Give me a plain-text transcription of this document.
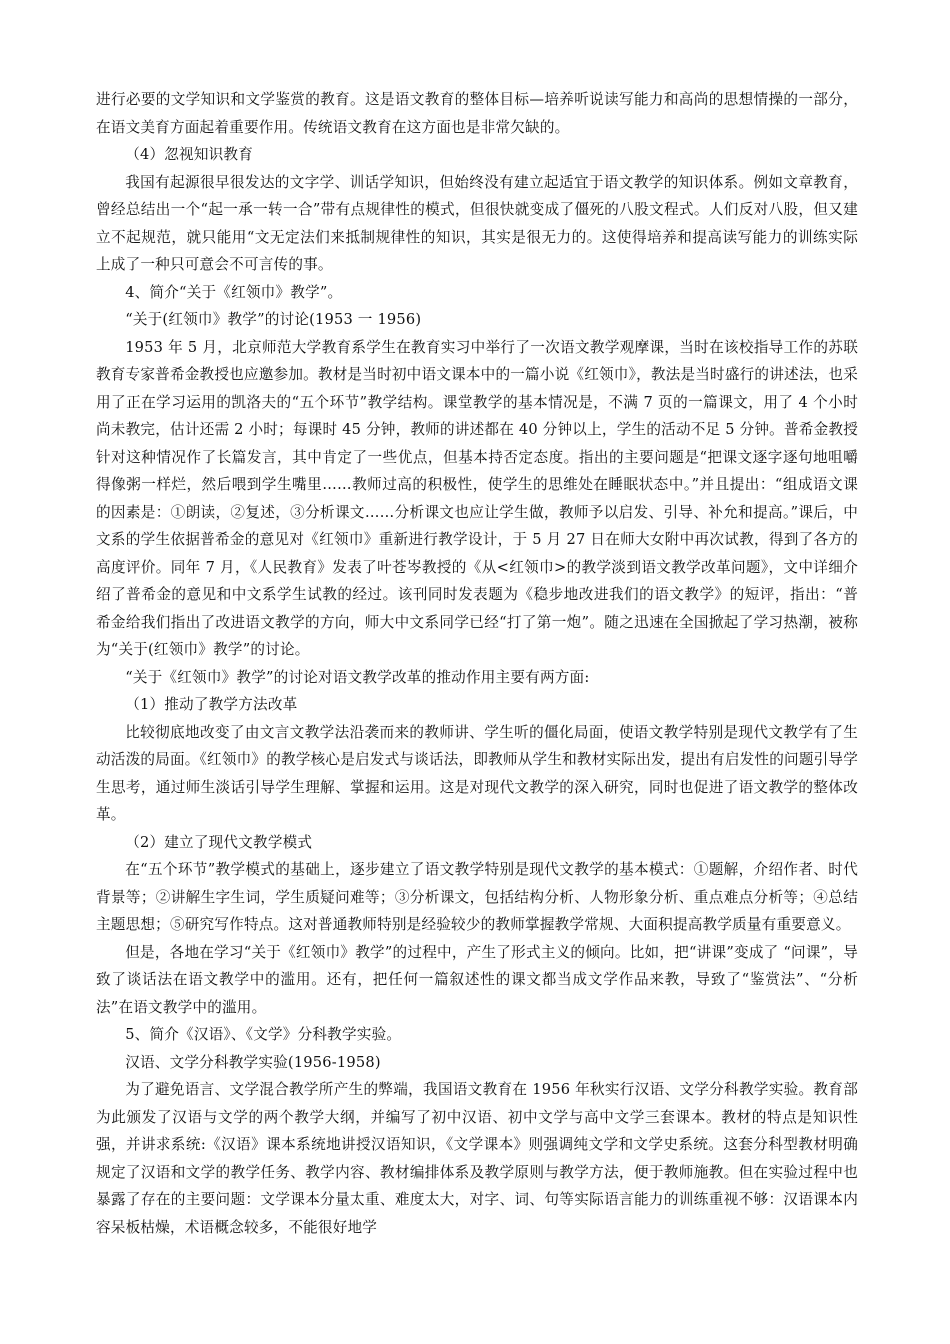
进行必要的文学知识和文学鉴赏的教育。这是语文教育的整体目标—培养听说读写能力和高尚的思想情操的一部分，在语文美育方面起着重要作用。传统语文教育在这方面也是非常欠缺的。

（4）忽视知识教育

我国有起源很早很发达的文字学、训话学知识，但始终没有建立起适宜于语文教学的知识体系。例如文章教育，曾经总结出一个“起一承一转一合”带有点规律性的模式，但很快就变成了僵死的八股文程式。人们反对八股，但又建立不起规范，就只能用“文无定法们来抵制规律性的知识，其实是很无力的。这使得培养和提高读写能力的训练实际上成了一种只可意会不可言传的事。

4、简介“关于《红领巾》教学”。

“关于(红领巾》教学”的讨论(1953 一 1956)

1953 年 5 月，北京师范大学教育系学生在教育实习中举行了一次语文教学观摩课，当时在该校指导工作的苏联教育专家普希金教授也应邀参加。教材是当时初中语文课本中的一篇小说《红领巾》，教法是当时盛行的讲述法，也采用了正在学习运用的凯洛夫的“五个环节”教学结构。课堂教学的基本情况是，不满 7 页的一篇课文，用了 4 个小时尚未教完，估计还需 2 小时；每课时 45 分钟，教师的讲述都在 40 分钟以上，学生的活动不足 5 分钟。普希金教授针对这种情况作了长篇发言，其中肯定了一些优点，但基本持否定态度。指出的主要问题是“把课文逐字逐句地咀嚼得像粥一样烂，然后喂到学生嘴里……教师过高的积极性，使学生的思维处在睡眠状态中。”并且提出：“组成语文课的因素是：①朗读，②复述，③分析课文……分析课文也应让学生做，教师予以启发、引导、补允和提高。”课后，中文系的学生依据普希金的意见对《红领巾》重新进行教学设计，于 5 月 27 日在师大女附中再次试教，得到了各方的高度评价。同年 7 月，《人民教育》发表了叶苍岑教授的《从<红领巾>的教学淡到语文教学改革问题》，文中详细介绍了普希金的意见和中文系学生试教的经过。该刊同时发表题为《稳步地改进我们的语文教学》的短评，指出：“普希金给我们指出了改进语文教学的方向，师大中文系同学已经“打了第一炮”。随之迅速在全国掀起了学习热潮，被称为“关于(红领巾》教学”的讨论。

“关于《红领巾》教学”的讨论对语文教学改革的推动作用主要有两方面:

（1）推动了教学方法改革

比较彻底地改变了由文言文教学法沿袭而来的教师讲、学生听的僵化局面，使语文教学特别是现代文教学有了生动活泼的局面。《红领巾》的教学核心是启发式与谈话法，即教师从学生和教材实际出发，提出有启发性的问题引导学生思考，通过师生淡话引导学生理解、掌握和运用。这是对现代文教学的深入研究，同时也促进了语文教学的整体改革。

（2）建立了现代文教学模式

在“五个环节”教学模式的基础上，逐步建立了语文教学特别是现代文教学的基本模式：①题解，介绍作者、时代背景等；②讲解生字生词，学生质疑问难等；③分析课文，包括结构分析、人物形象分析、重点难点分析等；④总结主题思想；⑤研究写作特点。这对普通教师特别是经验较少的教师掌握教学常规、大面积提高教学质量有重要意义。

但是，各地在学习“关于《红领巾》教学”的过程中，产生了形式主义的倾向。比如，把“讲课”变成了 “问课”，导致了谈话法在语文教学中的滥用。还有，把任何一篇叙述性的课文都当成文学作品来教，导致了“鉴赏法”、“分析法”在语文教学中的滥用。

5、简介《汉语》、《文学》分科教学实验。

汉语、文学分科教学实验(1956-1958)

为了避免语言、文学混合教学所产生的弊端，我国语文教育在 1956 年秋实行汉语、文学分科教学实验。教育部为此颁发了汉语与文学的两个教学大纲，并编写了初中汉语、初中文学与高中文学三套课本。教材的特点是知识性强，并讲求系统:《汉语》课本系统地讲授汉语知识，《文学课本》则强调纯文学和文学史系统。这套分科型教材明确规定了汉语和文学的教学任务、教学内容、教材编排体系及教学原则与教学方法，便于教师施教。但在实验过程中也暴露了存在的主要问题：文学课本分量太重、难度太大，对字、词、句等实际语言能力的训练重视不够：汉语课本内容呆板枯燥，术语概念较多，不能很好地学
